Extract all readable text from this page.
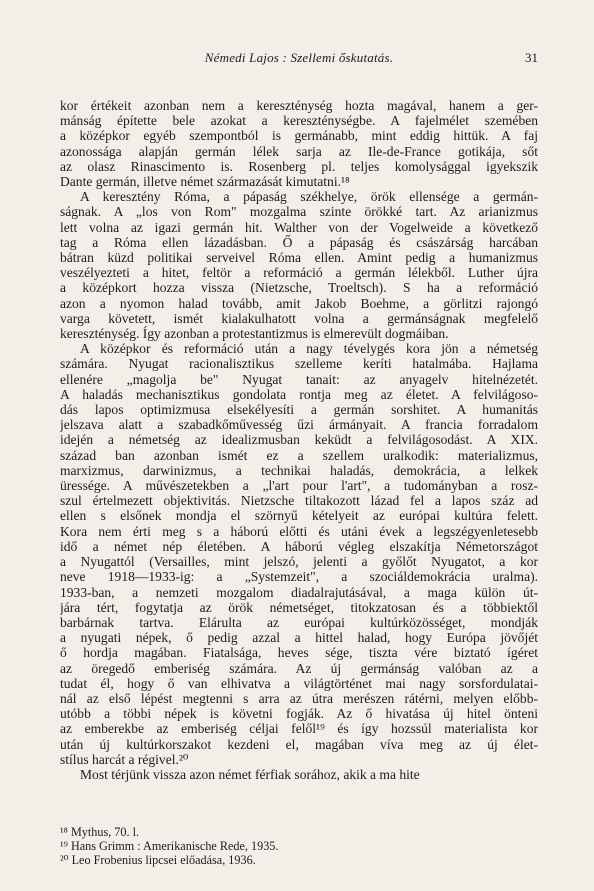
Némedi Lajos : Szellemi őskutatás.	31
kor értékeit azonban nem a kereszténység hozta magával, hanem a ger-
mánság építette bele azokat a kereszténységbe. A fajelmélet szemében
a középkor egyéb szempontból is germánabb, mint eddig hittük. A faj
azonossága alapján germán lélek sarja az Ile-de-France gotikája, sőt
az olasz Rinascimento is. Rosenberg pl. teljes komolysággal igyekszik
Dante germán, illetve német származását kimutatni.¹⁸
A keresztény Róma, a pápaság székhelye, örök ellensége a germán-
ságnak. A „los von Rom" mozgalma szinte örökké tart. Az arianizmus
lett volna az igazi germán hit. Walther von der Vogelweide a következő
tag a Róma ellen lázadásban. Ő a pápaság és császárság harcában
bátran küzd politikai serveivel Róma ellen. Amint pedig a humanizmus
veszélyezteti a hitet, feltör a reformáció a germán lélekből. Luther újra
a középkort hozza vissza (Nietzsche, Troeltsch). S ha a reformáció
azon a nyomon halad tovább, amit Jakob Boehme, a görlitzi rajongó
varga követett, ismét kialakulhatott volna a germánságnak megfelelő
kereszténység. Így azonban a protestantizmus is elmerevült dogmáiban.
A középkor és reformáció után a nagy tévelygés kora jön a németség
számára. Nyugat racionalisztikus szelleme keríti hatalmába. Hajlama
ellenére „magolja be" Nyugat tanait: az anyagelv hitelnézetét.
A haladás mechanisztikus gondolata rontja meg az életet. A felvilágoso-
dás lapos optimizmusa elsekélyesíti a germán sorshitet. A humanitás
jelszava alatt a szabadkőművesség űzi ármányait. A francia forradalom
idején a németség az idealizmusban keküdt a felvilágosodást. A XIX.
század ban azonban ismét ez a szellem uralkodik: materializmus,
marxizmus, darwinizmus, a technikai haladás, demokrácia, a lelkek
üressége. A művészetekben a „l'art pour l'art", a tudományban a rosz-
szul értelmezett objektivitás. Nietzsche tiltakozott lázad fel a lapos száz ad
ellen s elsőnek mondja el szörnyű kételyeit az európai kultúra felett.
Kora nem érti meg s a háború előtti és utáni évek a legszégyenletesebb
idő a német nép életében. A háború végleg elszakítja Németországot
a Nyugattól (Versailles, mint jelszó, jelenti a győlőt Nyugatot, a kor
neve 1918—1933-ig: a „Systemzeit", a szociáldemokrácia uralma).
1933-ban, a nemzeti mozgalom diadalrajutásával, a maga külön út-
jára tért, fogytatja az örök németséget, titokzatosan és a többiektől
barbárnak tartva. Elárulta az európai kultúrközösséget, mondják
a nyugati népek, ő pedig azzal a hittel halad, hogy Európa jövőjét
ő hordja magában. Fiatalsága, heves sége, tiszta vére biztató ígéret
az öregedő emberiség számára. Az új germánság valóban az a
tudat él, hogy ő van elhivatva a világtörténet mai nagy sorsfordulatai-
nál az első lépést megtenni s arra az útra merészen rátérni, melyen előbb-
utóbb a többi népek is követni fogják. Az ő hivatása új hitel önteni
az emberekbe az emberiség céljai felől¹⁹ és így hozssúl materialista kor
után új kultúrkorszakot kezdeni el, magában víva meg az új élet-
stílus harcát a régivel.²⁰
Most térjünk vissza azon német férfiak sorához, akik a ma hite
¹⁸ Mythus, 70. l.
¹⁹ Hans Grimm : Amerikanische Rede, 1935.
²⁰ Leo Frobenius lipcsei előadása, 1936.
